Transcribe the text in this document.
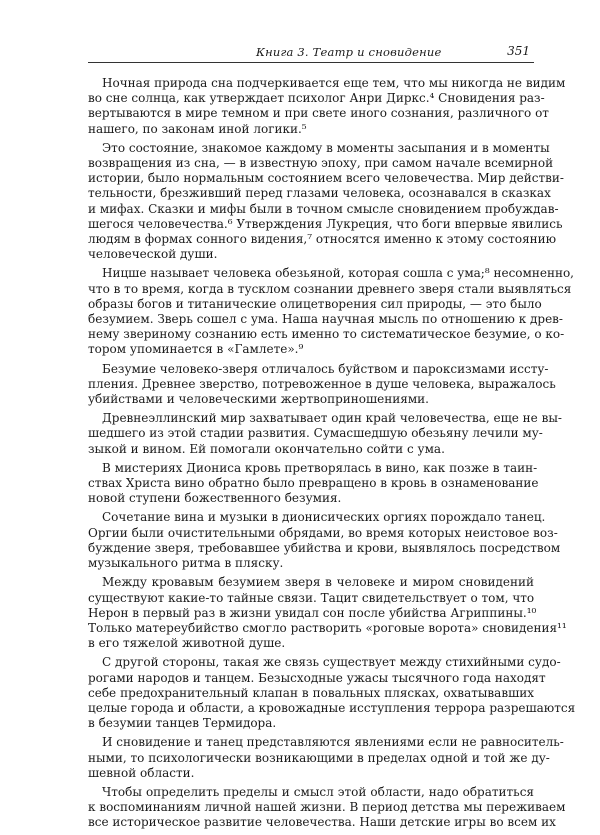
Книга 3. Театр и сновидение	351
Ночная природа сна подчеркивается еще тем, что мы никогда не видим
во сне солнца, как утверждает психолог Анри Диркс.⁴ Сновидения раз-
вертываются в мире темном и при свете иного сознания, различного от
нашего, по законам иной логики.⁵
Это состояние, знакомое каждому в моменты засыпания и в моменты
возвращения из сна, — в известную эпоху, при самом начале всемирной
истории, было нормальным состоянием всего человечества. Мир действи-
тельности, брезживший перед глазами человека, осознавался в сказках
и мифах. Сказки и мифы были в точном смысле сновидением пробуждав-
шегося человечества.⁶ Утверждения Лукреция, что боги впервые явились
людям в формах сонного видения,⁷ относятся именно к этому состоянию
человеческой души.
Ницше называет человека обезьяной, которая сошла с ума;⁸ несомненно,
что в то время, когда в тусклом сознании древнего зверя стали выявляться
образы богов и титанические олицетворения сил природы, — это было
безумием. Зверь сошел с ума. Наша научная мысль по отношению к древ-
нему звериному сознанию есть именно то систематическое безумие, о ко-
тором упоминается в «Гамлете».⁹
Безумие человеко-зверя отличалось буйством и пароксизмами иссту-
пления. Древнее зверство, потревоженное в душе человека, выражалось
убийствами и человеческими жертвоприношениями.
Древнеэллинский мир захватывает один край человечества, еще не вы-
шедшего из этой стадии развития. Сумасшедшую обезьяну лечили му-
зыкой и вином. Ей помогали окончательно сойти с ума.
В мистериях Диониса кровь претворялась в вино, как позже в таин-
ствах Христа вино обратно было превращено в кровь в ознаменование
новой ступени божественного безумия.
Сочетание вина и музыки в дионисических оргиях порождало танец.
Оргии были очистительными обрядами, во время которых неистовое воз-
буждение зверя, требовавшее убийства и крови, выявлялось посредством
музыкального ритма в пляску.
Между кровавым безумием зверя в человеке и миром сновидений
существуют какие-то тайные связи. Тацит свидетельствует о том, что
Нерон в первый раз в жизни увидал сон после убийства Агриппины.¹⁰
Только матереубийство смогло растворить «роговые ворота» сновидения¹¹
в его тяжелой животной душе.
С другой стороны, такая же связь существует между стихийными судо-
рогами народов и танцем. Безысходные ужасы тысячного года находят
себе предохранительный клапан в повальных плясках, охватывавших
целые города и области, а кровожадные исступления террора разрешаются
в безумии танцев Термидора.
И сновидение и танец представляются явлениями если не равноситель-
ными, то психологически возникающими в пределах одной и той же ду-
шевной области.
Чтобы определить пределы и смысл этой области, надо обратиться
к воспоминаниям личной нашей жизни. В период детства мы переживаем
все историческое развитие человечества. Наши детские игры во всем их
